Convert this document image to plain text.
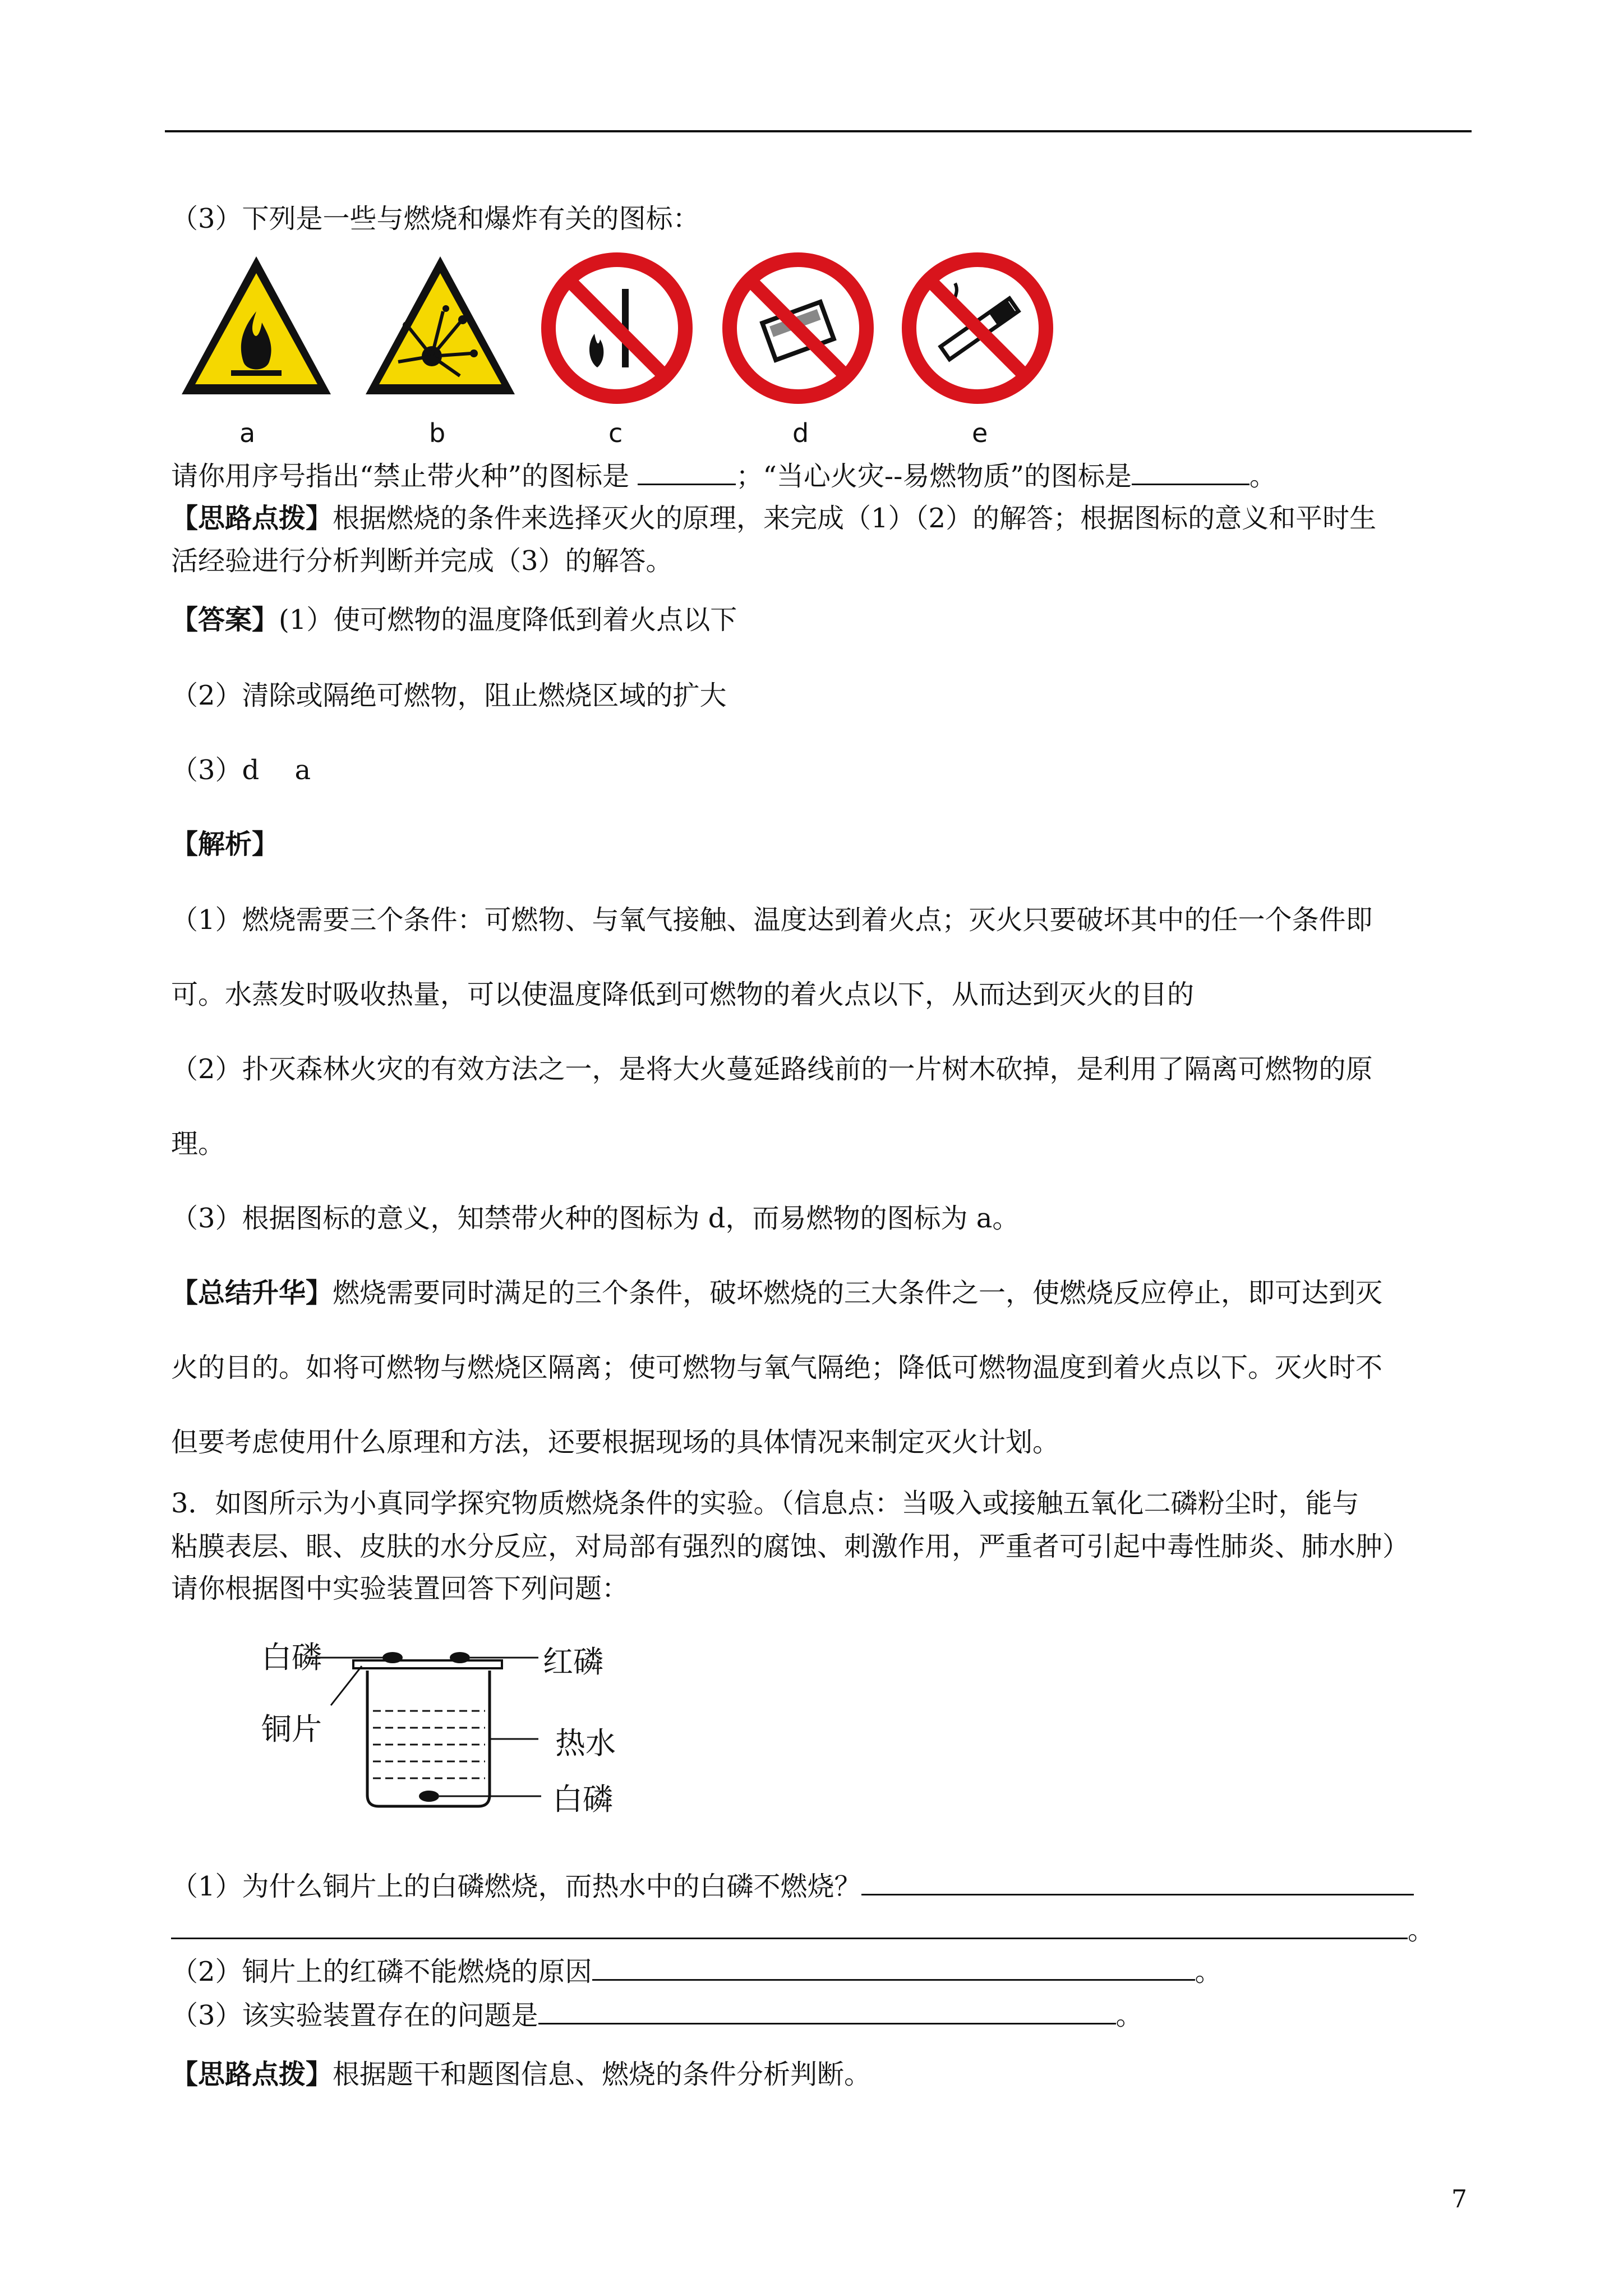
（3）下列是一些与燃烧和爆炸有关的图标：
a	b	c	d	e
请你用序号指出“禁止带火种”的图标是	；“当心火灾--易燃物质”的图标是	。
【思路点拨】根据燃烧的条件来选择灭火的原理，来完成（1）（2）的解答；根据图标的意义和平时生
活经验进行分析判断并完成（3）的解答。
【答案】(1）使可燃物的温度降低到着火点以下
（2）清除或隔绝可燃物，阻止燃烧区域的扩大
（3）d　 a
【解析】
（1）燃烧需要三个条件：可燃物、与氧气接触、温度达到着火点；灭火只要破坏其中的任一个条件即
可。水蒸发时吸收热量，可以使温度降低到可燃物的着火点以下，从而达到灭火的目的
（2）扑灭森林火灾的有效方法之一，是将大火蔓延路线前的一片树木砍掉，是利用了隔离可燃物的原
理。
（3）根据图标的意义，知禁带火种的图标为 d，而易燃物的图标为 a。
【总结升华】燃烧需要同时满足的三个条件，破坏燃烧的三大条件之一，使燃烧反应停止，即可达到灭
火的目的。如将可燃物与燃烧区隔离；使可燃物与氧气隔绝；降低可燃物温度到着火点以下。灭火时不
但要考虑使用什么原理和方法，还要根据现场的具体情况来制定灭火计划。
3．如图所示为小真同学探究物质燃烧条件的实验。（信息点：当吸入或接触五氧化二磷粉尘时，能与
粘膜表层、眼、皮肤的水分反应，对局部有强烈的腐蚀、刺激作用，严重者可引起中毒性肺炎、肺水肿）
请你根据图中实验装置回答下列问题：
白磷	红磷
铜片	热水
白磷
（1）为什么铜片上的白磷燃烧，而热水中的白磷不燃烧？
。
（2）铜片上的红磷不能燃烧的原因	。
（3）该实验装置存在的问题是	。
【思路点拨】根据题干和题图信息、燃烧的条件分析判断。
7
